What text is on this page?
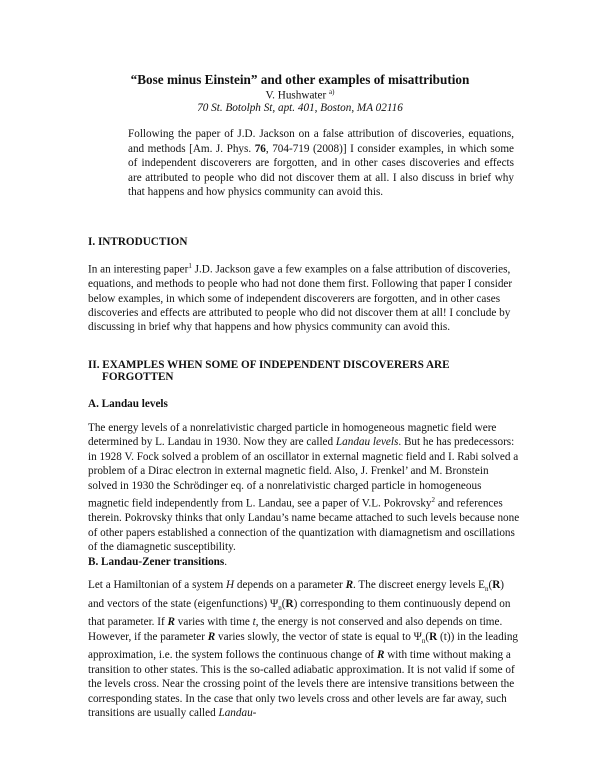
“Bose minus Einstein” and other examples of misattribution
V. Hushwater $^{a)}$
70 St. Botolph St, apt. 401, Boston, MA 02116
Following the paper of J.D. Jackson on a false attribution of discoveries, equations, and methods [Am. J. Phys. 76, 704-719 (2008)] I consider examples, in which some of independent discoverers are forgotten, and in other cases discoveries and effects are attributed to people who did not discover them at all. I also discuss in brief why that happens and how physics community can avoid this.
I. INTRODUCTION
In an interesting paper$^1$ J.D. Jackson gave a few examples on a false attribution of discoveries, equations, and methods to people who had not done them first. Following that paper I consider below examples, in which some of independent discoverers are forgotten, and in other cases discoveries and effects are attributed to people who did not discover them at all! I conclude by discussing in brief why that happens and how physics community can avoid this.
II. EXAMPLES WHEN SOME OF INDEPENDENT DISCOVERERS ARE
FORGOTTEN
A. Landau levels
The energy levels of a nonrelativistic charged particle in homogeneous magnetic field were determined by L. Landau in 1930. Now they are called Landau levels. But he has predecessors: in 1928 V. Fock solved a problem of an oscillator in external magnetic field and I. Rabi solved a problem of a Dirac electron in external magnetic field. Also, J. Frenkel’ and M. Bronstein solved in 1930 the Schrödinger eq. of a nonrelativistic charged particle in homogeneous magnetic field independently from L. Landau, see a paper of V.L. Pokrovsky$^2$ and references therein. Pokrovsky thinks that only Landau’s name became attached to such levels because none of other papers established a connection of the quantization with diamagnetism and oscillations of the diamagnetic susceptibility.
B. Landau-Zener transitions.
Let a Hamiltonian of a system H depends on a parameter R. The discreet energy levels $E_n(R)$ and vectors of the state (eigenfunctions) $\Psi_n(R)$ corresponding to them continuously depend on that parameter. If R varies with time t, the energy is not conserved and also depends on time. However, if the parameter R varies slowly, the vector of state is equal to $\Psi_n(R$ (t)) in the leading approximation, i.e. the system follows the continuous change of R with time without making a transition to other states. This is the so-called adiabatic approximation. It is not valid if some of the levels cross. Near the crossing point of the levels there are intensive transitions between the corresponding states. In the case that only two levels cross and other levels are far away, such transitions are usually called Landau-
